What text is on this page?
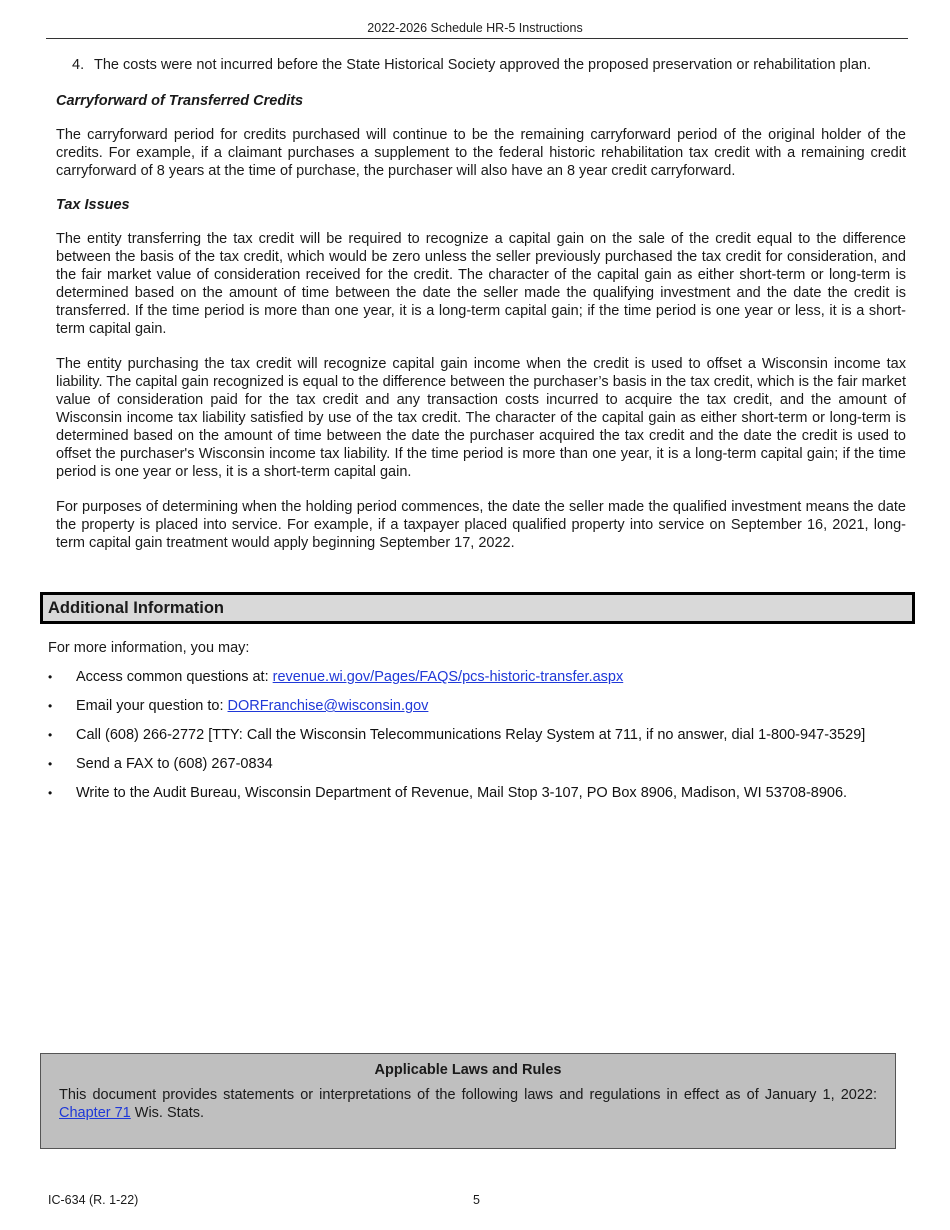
2022-2026 Schedule HR-5 Instructions
4. The costs were not incurred before the State Historical Society approved the proposed preservation or rehabilitation plan.
Carryforward of Transferred Credits

The carryforward period for credits purchased will continue to be the remaining carryforward period of the original holder of the credits. For example, if a claimant purchases a supplement to the federal historic rehabilitation tax credit with a remaining credit carryforward of 8 years at the time of purchase, the purchaser will also have an 8 year credit carryforward.

Tax Issues

The entity transferring the tax credit will be required to recognize a capital gain on the sale of the credit equal to the difference between the basis of the tax credit, which would be zero unless the seller previously purchased the tax credit for consideration, and the fair market value of consideration received for the credit. The character of the capital gain as either short-term or long-term is determined based on the amount of time between the date the seller made the qualifying investment and the date the credit is transferred. If the time period is more than one year, it is a long-term capital gain; if the time period is one year or less, it is a short-term capital gain.

The entity purchasing the tax credit will recognize capital gain income when the credit is used to offset a Wisconsin income tax liability. The capital gain recognized is equal to the difference between the purchaser’s basis in the tax credit, which is the fair market value of consideration paid for the tax credit and any transaction costs incurred to acquire the tax credit, and the amount of Wisconsin income tax liability satisfied by use of the tax credit. The character of the capital gain as either short-term or long-term is determined based on the amount of time between the date the purchaser acquired the tax credit and the date the credit is used to offset the purchaser's Wisconsin income tax liability. If the time period is more than one year, it is a long-term capital gain; if the time period is one year or less, it is a short-term capital gain.

For purposes of determining when the holding period commences, the date the seller made the qualified investment means the date the property is placed into service. For example, if a taxpayer placed qualified property into service on September 16, 2021, long-term capital gain treatment would apply beginning September 17, 2022.

Additional Information

For more information, you may:

•	Access common questions at: revenue.wi.gov/Pages/FAQS/pcs-historic-transfer.aspx
•	Email your question to: DORFranchise@wisconsin.gov
•	Call (608) 266-2772 [TTY: Call the Wisconsin Telecommunications Relay System at 711, if no answer, dial 1-800-947-3529]
•	Send a FAX to (608) 267-0834
•	Write to the Audit Bureau, Wisconsin Department of Revenue, Mail Stop 3-107, PO Box 8906, Madison, WI 53708-8906.
Applicable Laws and Rules
This document provides statements or interpretations of the following laws and regulations in effect as of January 1, 2022: Chapter 71 Wis. Stats.
IC-634 (R. 1-22)	5
